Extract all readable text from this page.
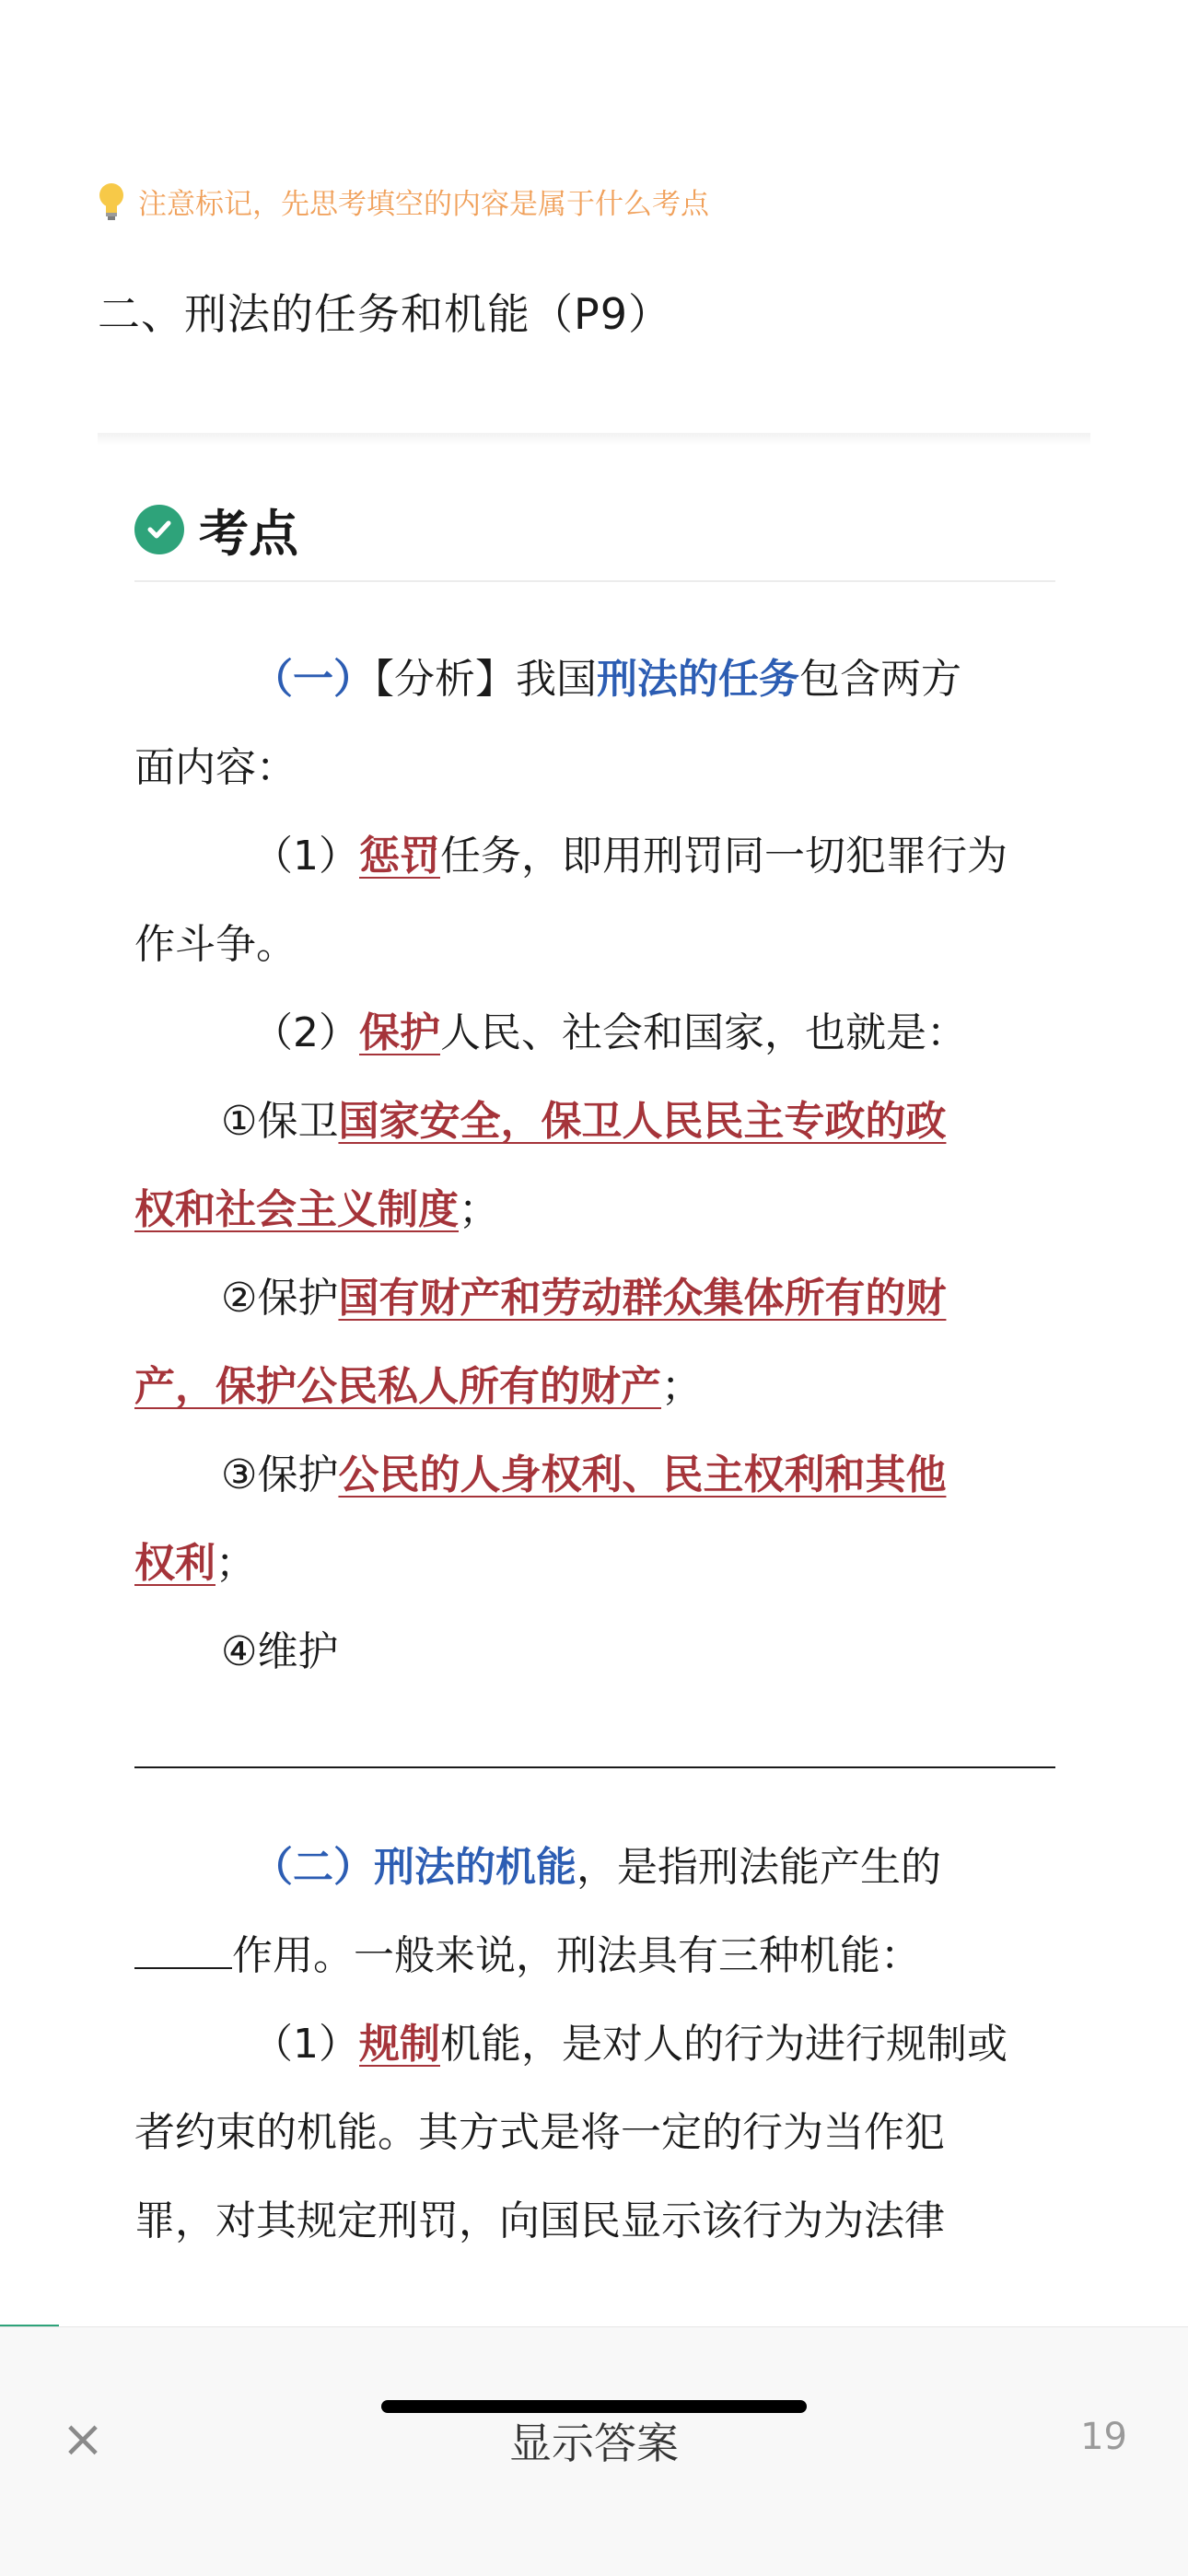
注意标记，先思考填空的内容是属于什么考点
二、刑法的任务和机能（P9）
考点
（一）【分析】我国刑法的任务包含两方
面内容：
（1）惩罚任务，即用刑罚同一切犯罪行为
作斗争。
（2）保护人民、社会和国家，也就是：
①保卫国家安全，保卫人民民主专政的政
权和社会主义制度；
②保护国有财产和劳动群众集体所有的财
产，保护公民私人所有的财产；
③保护公民的人身权利、民主权利和其他
权利；
④维护
（二）刑法的机能，是指刑法能产生的
作用。一般来说，刑法具有三种机能：
（1）规制机能，是对人的行为进行规制或
者约束的机能。其方式是将一定的行为当作犯
罪，对其规定刑罚，向国民显示该行为为法律
×	显示答案	19
